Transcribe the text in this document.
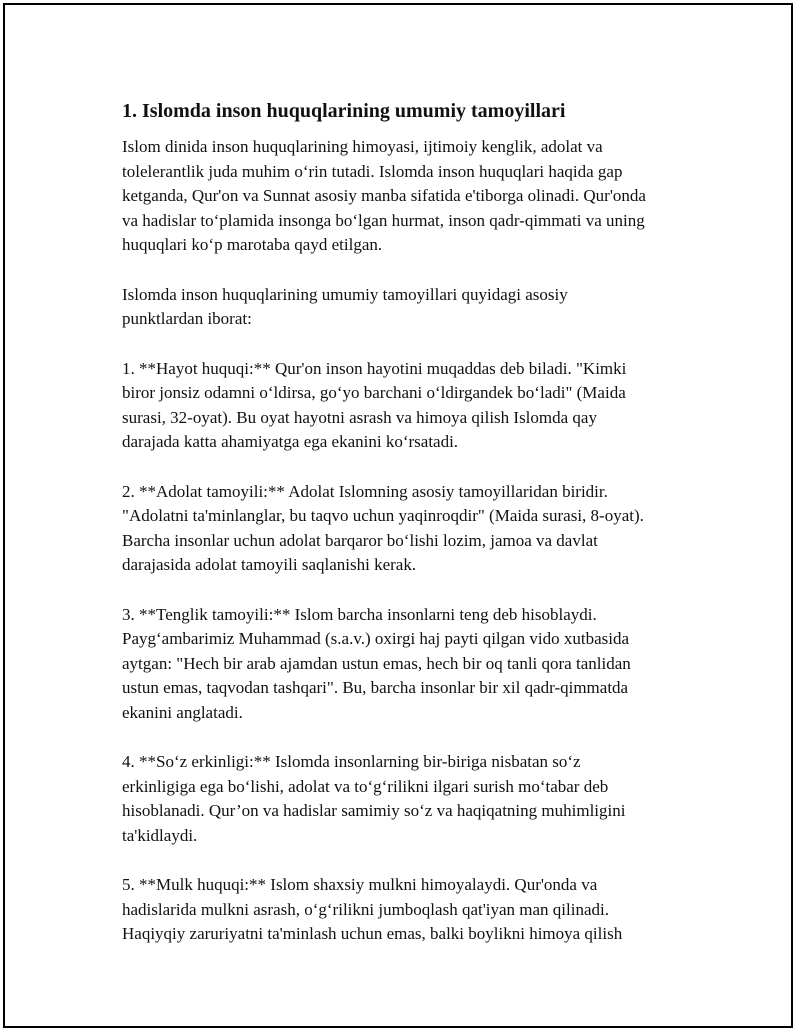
1. Islomda inson huquqlarining umumiy tamoyillari

Islom dinida inson huquqlarining himoyasi, ijtimoiy kenglik, adolat va
tolelerantlik juda muhim o‘rin tutadi. Islomda inson huquqlari haqida gap
ketganda, Qur'on va Sunnat asosiy manba sifatida e'tiborga olinadi. Qur'onda
va hadislar to‘plamida insonga bo‘lgan hurmat, inson qadr-qimmati va uning
huquqlari ko‘p marotaba qayd etilgan.

Islomda inson huquqlarining umumiy tamoyillari quyidagi asosiy
punktlardan iborat:

1. **Hayot huquqi:** Qur'on inson hayotini muqaddas deb biladi. "Kimki
biror jonsiz odamni o‘ldirsa, go‘yo barchani o‘ldirgandek bo‘ladi" (Maida
surasi, 32-oyat). Bu oyat hayotni asrash va himoya qilish Islomda qay
darajada katta ahamiyatga ega ekanini ko‘rsatadi.

2. **Adolat tamoyili:** Adolat Islomning asosiy tamoyillaridan biridir.
"Adolatni ta'minlanglar, bu taqvo uchun yaqinroqdir" (Maida surasi, 8-oyat).
Barcha insonlar uchun adolat barqaror bo‘lishi lozim, jamoa va davlat
darajasida adolat tamoyili saqlanishi kerak.

3. **Tenglik tamoyili:** Islom barcha insonlarni teng deb hisoblaydi.
Payg‘ambarimiz Muhammad (s.a.v.) oxirgi haj payti qilgan vido xutbasida
aytgan: "Hech bir arab ajamdan ustun emas, hech bir oq tanli qora tanlidan
ustun emas, taqvodan tashqari". Bu, barcha insonlar bir xil qadr-qimmatda
ekanini anglatadi.

4. **So‘z erkinligi:** Islomda insonlarning bir-biriga nisbatan so‘z
erkinligiga ega bo‘lishi, adolat va to‘g‘rilikni ilgari surish mo‘tabar deb
hisoblanadi. Qur’on va hadislar samimiy so‘z va haqiqatning muhimligini
ta'kidlaydi.

5. **Mulk huquqi:** Islom shaxsiy mulkni himoyalaydi. Qur'onda va
hadislarida mulkni asrash, o‘g‘rilikni jumboqlash qat'iyan man qilinadi.
Haqiyqiy zaruriyatni ta'minlash uchun emas, balki boylikni himoya qilish
